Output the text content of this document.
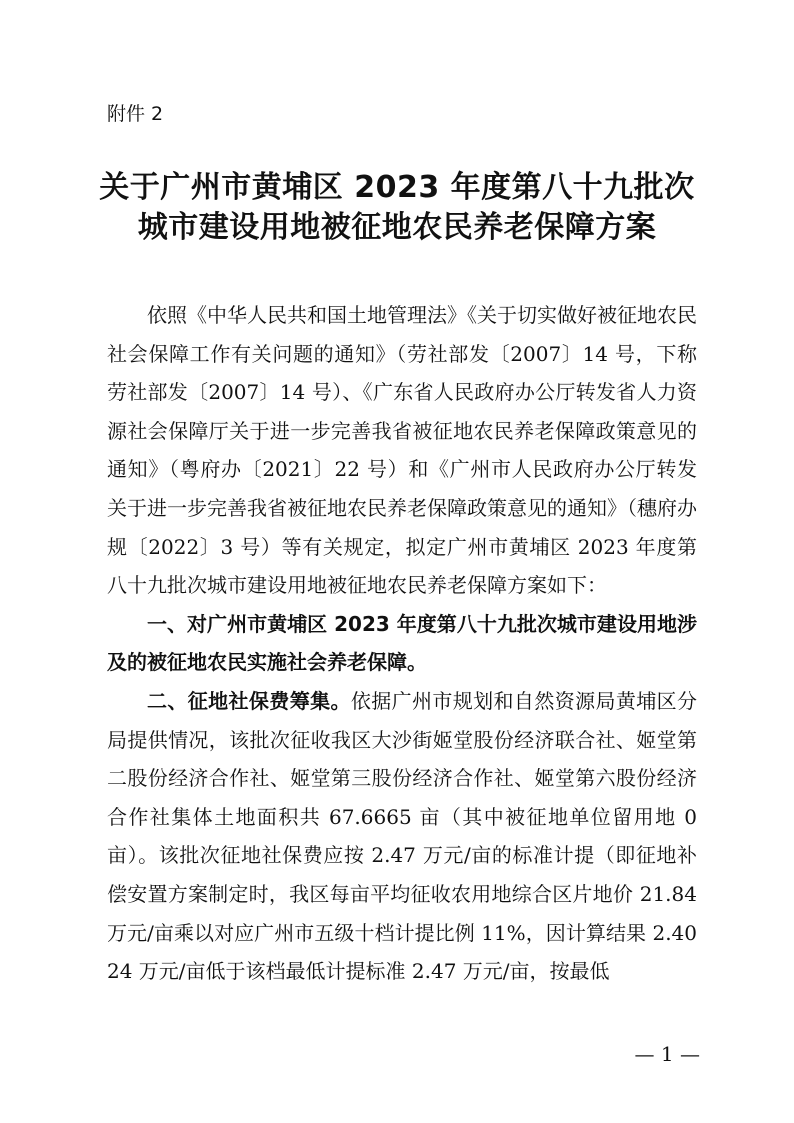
附件 2
关于广州市黄埔区 2023 年度第八十九批次
城市建设用地被征地农民养老保障方案

依照《中华人民共和国土地管理法》《关于切实做好被征地农民社会保障工作有关问题的通知》（劳社部发〔2007〕14 号，下称劳社部发〔2007〕14 号）、《广东省人民政府办公厅转发省人力资源社会保障厅关于进一步完善我省被征地农民养老保障政策意见的通知》（粤府办〔2021〕22 号）和《广州市人民政府办公厅转发关于进一步完善我省被征地农民养老保障政策意见的通知》（穗府办规〔2022〕3 号）等有关规定，拟定广州市黄埔区 2023 年度第八十九批次城市建设用地被征地农民养老保障方案如下：

一、对广州市黄埔区 2023 年度第八十九批次城市建设用地涉及的被征地农民实施社会养老保障。

二、征地社保费筹集。依据广州市规划和自然资源局黄埔区分局提供情况，该批次征收我区大沙街姬堂股份经济联合社、姬堂第二股份经济合作社、姬堂第三股份经济合作社、姬堂第六股份经济合作社集体土地面积共 67.6665 亩（其中被征地单位留用地 0 亩）。该批次征地社保费应按 2.47 万元/亩的标准计提（即征地补偿安置方案制定时，我区每亩平均征收农用地综合区片地价 21.84 万元/亩乘以对应广州市五级十档计提比例 11%，因计算结果 2.4024 万元/亩低于该档最低计提标准 2.47 万元/亩，按最低

— 1 —
